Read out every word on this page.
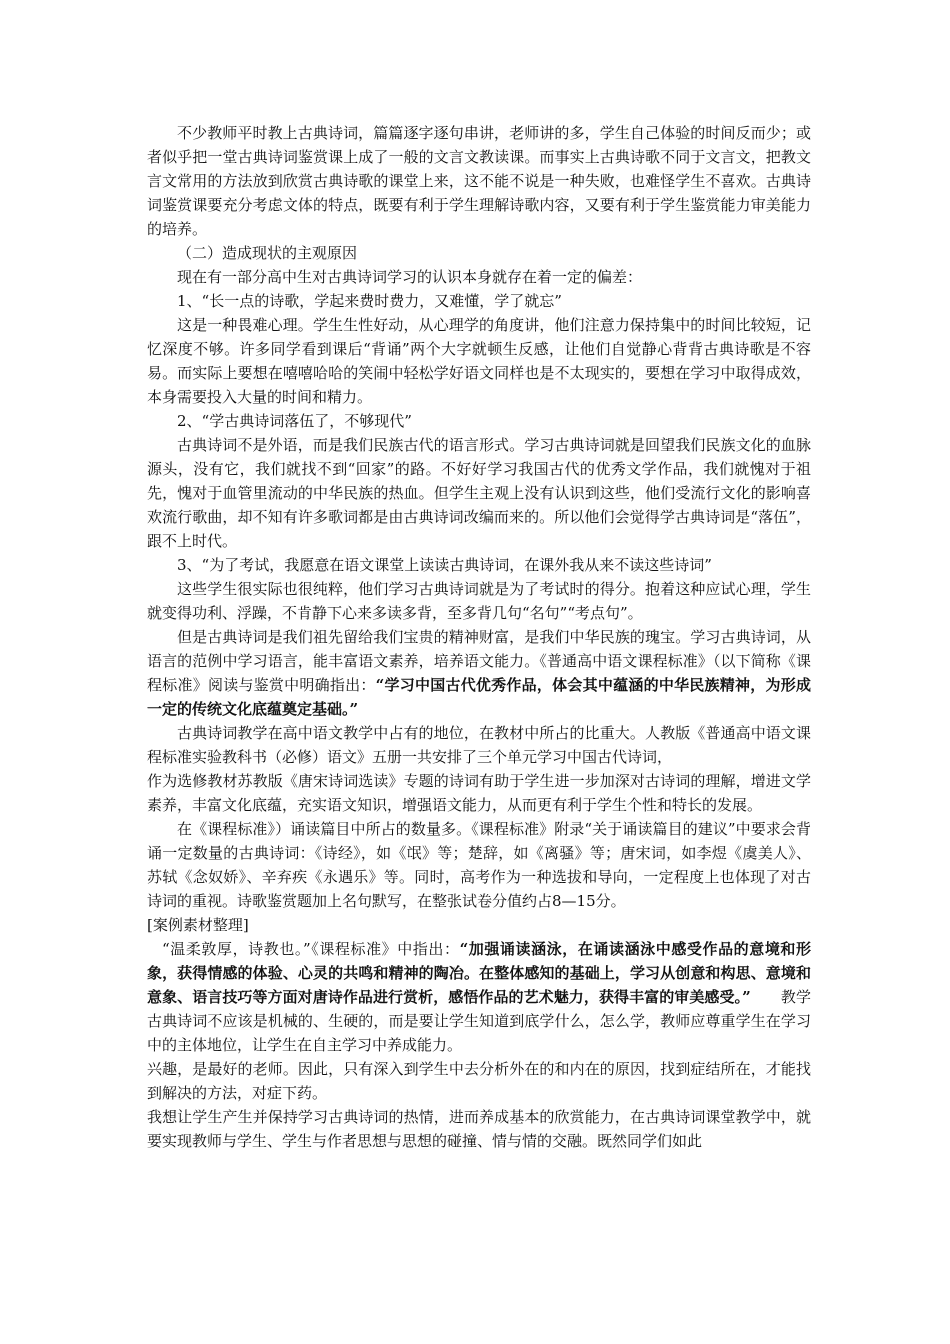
不少教师平时教上古典诗词，篇篇逐字逐句串讲，老师讲的多，学生自己体验的时间反而少；或者似乎把一堂古典诗词鉴赏课上成了一般的文言文教读课。而事实上古典诗歌不同于文言文，把教文言文常用的方法放到欣赏古典诗歌的课堂上来，这不能不说是一种失败，也难怪学生不喜欢。古典诗词鉴赏课要充分考虑文体的特点，既要有利于学生理解诗歌内容，又要有利于学生鉴赏能力审美能力的培养。

（二）造成现状的主观原因

现在有一部分高中生对古典诗词学习的认识本身就存在着一定的偏差：

1、“长一点的诗歌，学起来费时费力，又难懂，学了就忘”

这是一种畏难心理。学生生性好动，从心理学的角度讲，他们注意力保持集中的时间比较短，记忆深度不够。许多同学看到课后“背诵”两个大字就顿生反感，让他们自觉静心背背古典诗歌是不容易。而实际上要想在嘻嘻哈哈的笑闹中轻松学好语文同样也是不太现实的，要想在学习中取得成效，本身需要投入大量的时间和精力。

2、“学古典诗词落伍了，不够现代”

古典诗词不是外语，而是我们民族古代的语言形式。学习古典诗词就是回望我们民族文化的血脉源头，没有它，我们就找不到“回家”的路。不好好学习我国古代的优秀文学作品，我们就愧对于祖先，愧对于血管里流动的中华民族的热血。但学生主观上没有认识到这些，他们受流行文化的影响喜欢流行歌曲，却不知有许多歌词都是由古典诗词改编而来的。所以他们会觉得学古典诗词是“落伍”，跟不上时代。

3、“为了考试，我愿意在语文课堂上读读古典诗词，在课外我从来不读这些诗词”

这些学生很实际也很纯粹，他们学习古典诗词就是为了考试时的得分。抱着这种应试心理，学生就变得功利、浮躁，不肯静下心来多读多背，至多背几句“名句”“考点句”。

但是古典诗词是我们祖先留给我们宝贵的精神财富，是我们中华民族的瑰宝。学习古典诗词，从语言的范例中学习语言，能丰富语文素养，培养语文能力。《普通高中语文课程标准》（以下简称《课程标准》阅读与鉴赏中明确指出：“学习中国古代优秀作品，体会其中蕴涵的中华民族精神，为形成一定的传统文化底蕴奠定基础。”

古典诗词教学在高中语文教学中占有的地位，在教材中所占的比重大。人教版《普通高中语文课程标准实验教科书（必修）语文》五册一共安排了三个单元学习中国古代诗词，
作为选修教材苏教版《唐宋诗词选读》专题的诗词有助于学生进一步加深对古诗词的理解，增进文学素养，丰富文化底蕴，充实语文知识，增强语文能力，从而更有利于学生个性和特长的发展。

在《课程标准》）诵读篇目中所占的数量多。《课程标准》附录“关于诵读篇目的建议”中要求会背诵一定数量的古典诗词：《诗经》，如《氓》等；楚辞，如《离骚》等；唐宋词，如李煜《虞美人》、苏轼《念奴娇》、辛弃疾《永遇乐》等。同时，高考作为一种选拔和导向，一定程度上也体现了对古诗词的重视。诗歌鉴赏题加上名句默写，在整张试卷分值约占8—15分。

[案例素材整理]

“温柔敦厚，诗教也。”《课程标准》中指出：“加强诵读涵泳，在诵读涵泳中感受作品的意境和形象，获得情感的体验、心灵的共鸣和精神的陶冶。在整体感知的基础上，学习从创意和构思、意境和意象、语言技巧等方面对唐诗作品进行赏析，感悟作品的艺术魅力，获得丰富的审美感受。”　　教学古典诗词不应该是机械的、生硬的，而是要让学生知道到底学什么，怎么学，教师应尊重学生在学习中的主体地位，让学生在自主学习中养成能力。

兴趣，是最好的老师。因此，只有深入到学生中去分析外在的和内在的原因，找到症结所在，才能找到解决的方法，对症下药。

我想让学生产生并保持学习古典诗词的热情，进而养成基本的欣赏能力，在古典诗词课堂教学中，就要实现教师与学生、学生与作者思想与思想的碰撞、情与情的交融。既然同学们如此
